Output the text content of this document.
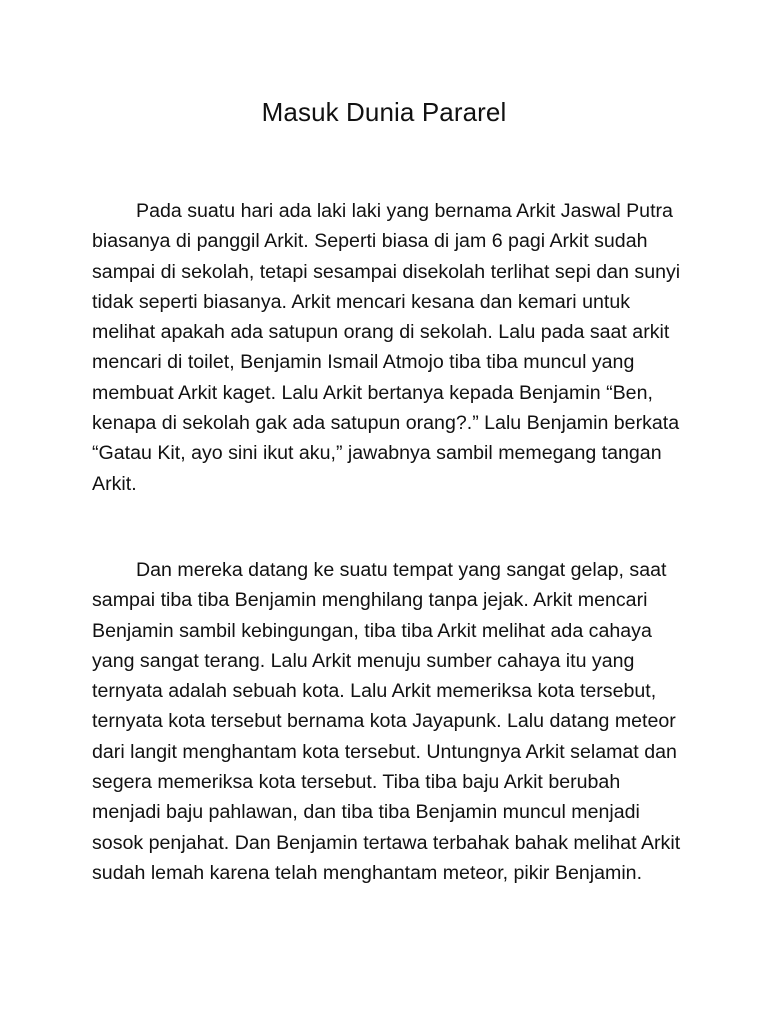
Masuk Dunia Pararel

Pada suatu hari ada laki laki yang bernama Arkit Jaswal Putra biasanya di panggil Arkit. Seperti biasa di jam 6 pagi Arkit sudah sampai di sekolah, tetapi sesampai disekolah terlihat sepi dan sunyi tidak seperti biasanya. Arkit mencari kesana dan kemari untuk melihat apakah ada satupun orang di sekolah. Lalu pada saat arkit mencari di toilet, Benjamin Ismail Atmojo tiba tiba muncul yang membuat Arkit kaget. Lalu Arkit bertanya kepada Benjamin “Ben, kenapa di sekolah gak ada satupun orang?.” Lalu Benjamin berkata “Gatau Kit, ayo sini ikut aku,” jawabnya sambil memegang tangan Arkit.

Dan mereka datang ke suatu tempat yang sangat gelap, saat sampai tiba tiba Benjamin menghilang tanpa jejak. Arkit mencari Benjamin sambil kebingungan, tiba tiba Arkit melihat ada cahaya yang sangat terang. Lalu Arkit menuju sumber cahaya itu yang ternyata adalah sebuah kota. Lalu Arkit memeriksa kota tersebut, ternyata kota tersebut bernama kota Jayapunk. Lalu datang meteor dari langit menghantam kota tersebut. Untungnya Arkit selamat dan segera memeriksa kota tersebut. Tiba tiba baju Arkit berubah menjadi baju pahlawan, dan tiba tiba Benjamin muncul menjadi sosok penjahat. Dan Benjamin tertawa terbahak bahak melihat Arkit sudah lemah karena telah menghantam meteor, pikir Benjamin.
